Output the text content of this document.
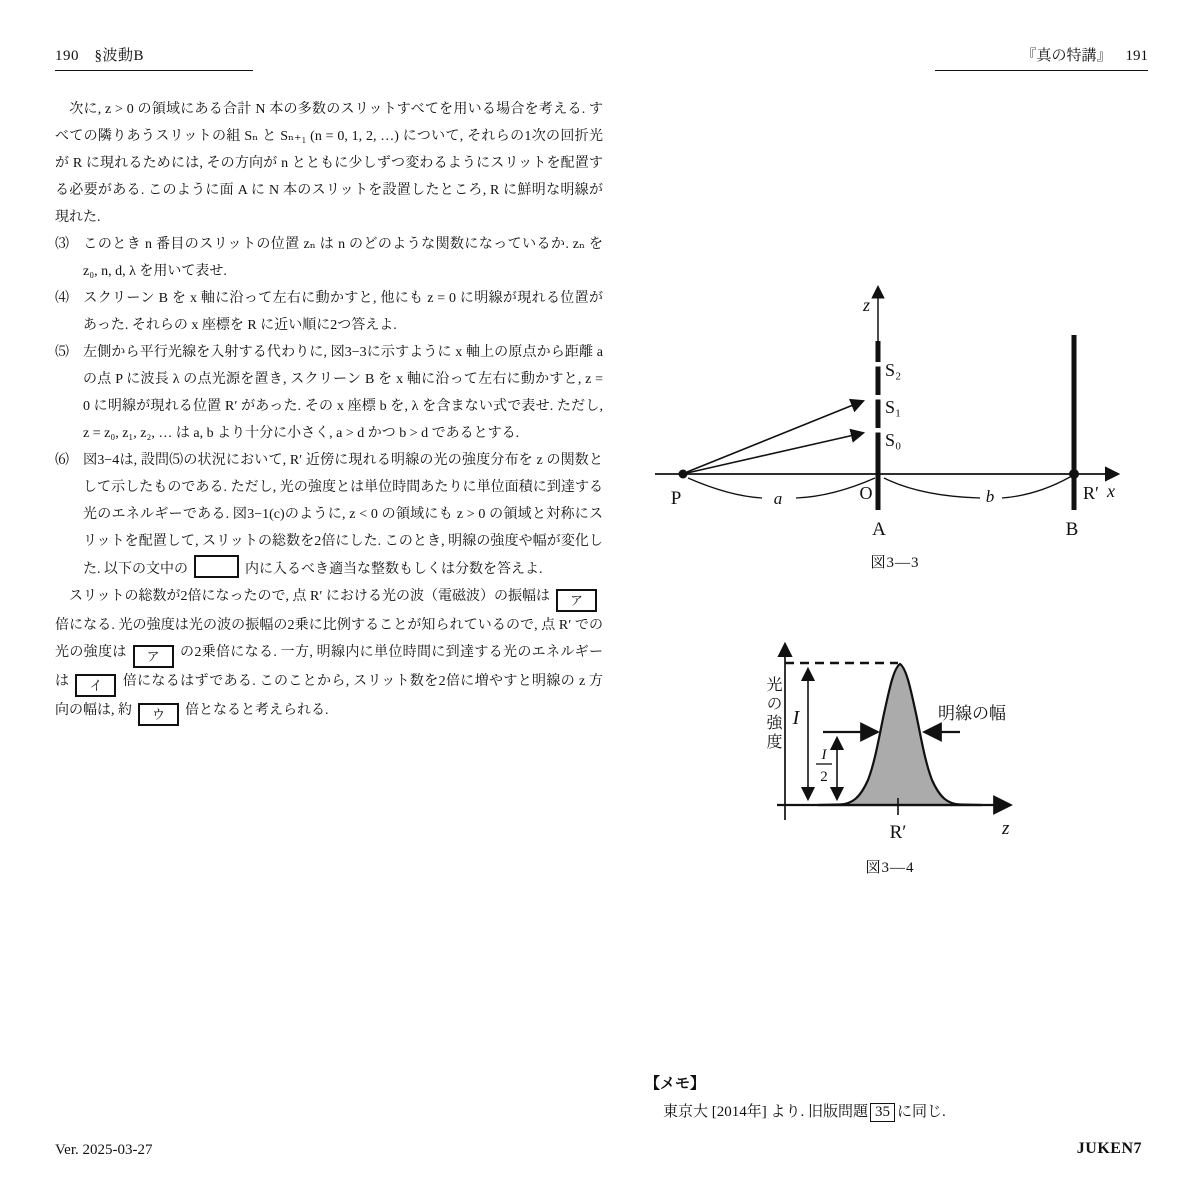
190　§波動B	『真の特講』 191

　次に, z > 0 の領域にある合計 N 本の多数のスリットすべてを用いる場合を考える. すべての隣りあうスリットの組 Sₙ と Sₙ₊₁ (n = 0, 1, 2, …) について, それらの1次の回折光が R に現れるためには, その方向が n とともに少しずつ変わるようにスリットを配置する必要がある. このように面 A に N 本のスリットを設置したところ, R に鮮明な明線が現れた.

⑶ このとき n 番目のスリットの位置 zₙ は n のどのような関数になっているか. zₙ を z₀, n, d, λ を用いて表せ.

⑷ スクリーン B を x 軸に沿って左右に動かすと, 他にも z = 0 に明線が現れる位置があった. それらの x 座標を R に近い順に2つ答えよ.

⑸ 左側から平行光線を入射する代わりに, 図3−3に示すように x 軸上の原点から距離 a の点 P に波長 λ の点光源を置き, スクリーン B を x 軸に沿って左右に動かすと, z = 0 に明線が現れる位置 R′ があった. その x 座標 b を, λ を含まない式で表せ. ただし, z = z₀, z₁, z₂, … は a, b より十分に小さく, a > d かつ b > d であるとする.

⑹ 図3−4は, 設問⑸の状況において, R′ 近傍に現れる明線の光の強度分布を z の関数として示したものである. ただし, 光の強度とは単位時間あたりに単位面積に到達する光のエネルギーである. 図3−1(c)のように, z < 0 の領域にも z > 0 の領域と対称にスリットを配置して, スリットの総数を2倍にした. このとき, 明線の強度や幅が変化した. 以下の文中の	内に入るべき適当な整数もしくは分数を答えよ.

　スリットの総数が2倍になったので, 点 R′ における光の波（電磁波）の振幅は ア倍になる. 光の強度は光の波の振幅の2乗に比例することが知られているので, 点 R′ での光の強度は ア の2乗倍になる. 一方, 明線内に単位時間に到達する光のエネルギーは イ 倍になるはずである. このことから, スリット数を2倍に増やすと明線の z 方向の幅は, 約 ウ 倍となると考えられる.

z
a	b
S₂
S₁
S₀
P	O
A	B
R′ x
図3—3
I
I
2
明線の幅
R′	z
光の強度
図3—4
【メモ】
東京大 [2014年] より. 旧版問題 35 に同じ.
Ver. 2025-03-27	JUKEN7
